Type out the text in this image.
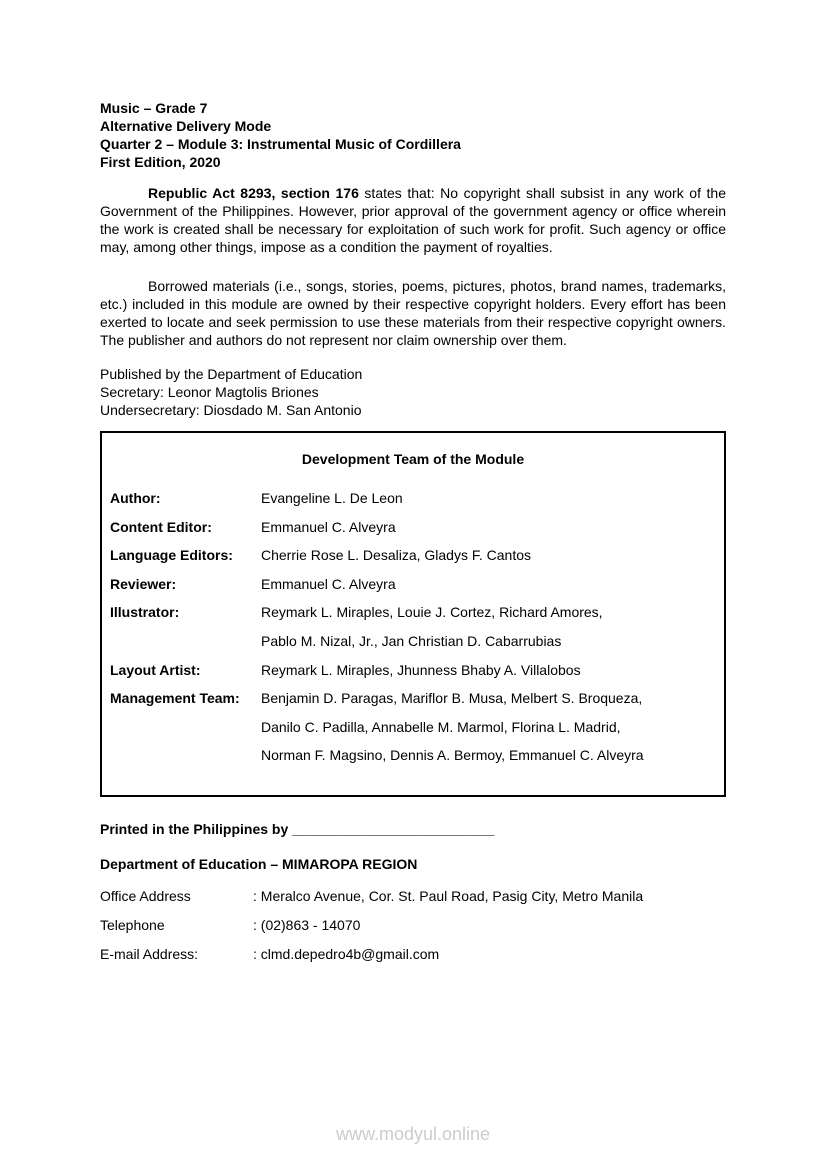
Music – Grade 7
Alternative Delivery Mode
Quarter 2 – Module 3: Instrumental Music of Cordillera
First Edition, 2020

Republic Act 8293, section 176 states that: No copyright shall subsist in any work of the Government of the Philippines. However, prior approval of the government agency or office wherein the work is created shall be necessary for exploitation of such work for profit. Such agency or office may, among other things, impose as a condition the payment of royalties.

Borrowed materials (i.e., songs, stories, poems, pictures, photos, brand names, trademarks, etc.) included in this module are owned by their respective copyright holders. Every effort has been exerted to locate and seek permission to use these materials from their respective copyright owners. The publisher and authors do not represent nor claim ownership over them.

Published by the Department of Education
Secretary: Leonor Magtolis Briones
Undersecretary: Diosdado M. San Antonio
Development Team of the Module
Author:	Evangeline L. De Leon
Content Editor:	Emmanuel C. Alveyra
Language Editors:	Cherrie Rose L. Desaliza, Gladys F. Cantos
Reviewer:	Emmanuel C. Alveyra
Illustrator:	Reymark L. Miraples, Louie J. Cortez, Richard Amores,
Pablo M. Nizal, Jr., Jan Christian D. Cabarrubias
Layout Artist:	Reymark L. Miraples, Jhunness Bhaby A. Villalobos
Management Team:	Benjamin D. Paragas, Mariflor B. Musa, Melbert S. Broqueza,
Danilo C. Padilla, Annabelle M. Marmol, Florina L. Madrid,
Norman F. Magsino, Dennis A. Bermoy, Emmanuel C. Alveyra

Printed in the Philippines by __________________________

Department of Education – MIMAROPA REGION

Office Address	: Meralco Avenue, Cor. St. Paul Road, Pasig City, Metro Manila
Telephone	: (02)863 - 14070
E-mail Address:	: clmd.depedro4b@gmail.com
www.modyul.online
